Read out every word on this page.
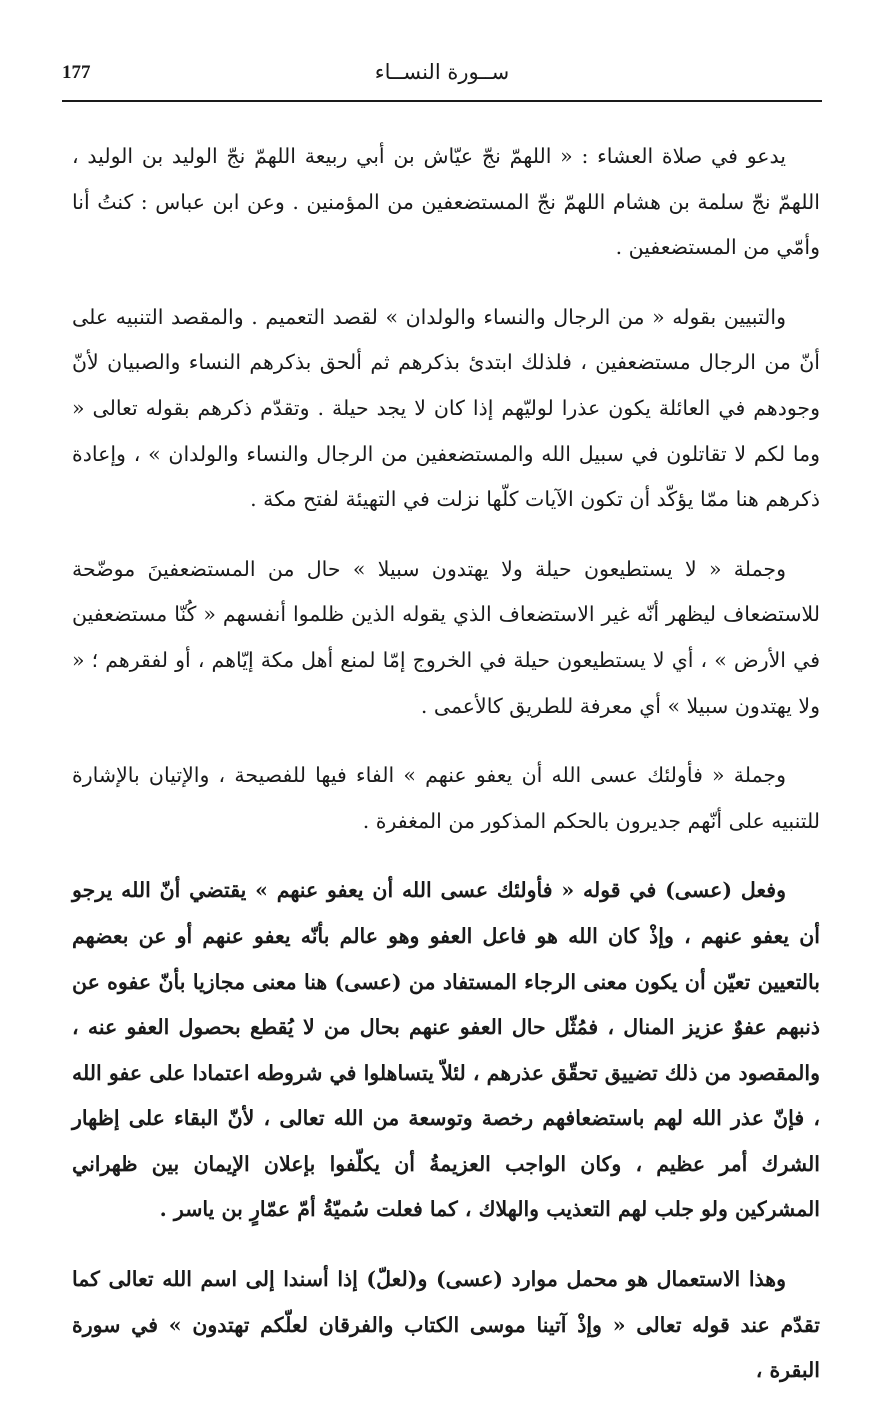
177	ســورة النســاء

يدعو في صلاة العشاء : « اللهمّ نجّ عيّاش بن أبي ربيعة اللهمّ نجّ الوليد بن الوليد ، اللهمّ نجّ سلمة بن هشام اللهمّ نجّ المستضعفين من المؤمنين . وعن ابن عباس : كنتُ أنا وأمّي من المستضعفين .

والتبيين بقوله « من الرجال والنساء والولدان » لقصد التعميم . والمقصد التنبيه على أنّ من الرجال مستضعفين ، فلذلك ابتدئ بذكرهم ثم ألحق بذكرهم النساء والصبيان لأنّ وجودهم في العائلة يكون عذرا لوليّهم إذا كان لا يجد حيلة . وتقدّم ذكرهم بقوله تعالى « وما لكم لا تقاتلون في سبيل الله والمستضعفين من الرجال والنساء والولدان » ، وإعادة ذكرهم هنا ممّا يؤكّد أن تكون الآيات كلّها نزلت في التهيئة لفتح مكة .

وجملة « لا يستطيعون حيلة ولا يهتدون سبيلا » حال من المستضعفينَ موضّحة للاستضعاف ليظهر أنّه غير الاستضعاف الذي يقوله الذين ظلموا أنفسهم « كُنّا مستضعفين في الأرض » ، أي لا يستطيعون حيلة في الخروج إمّا لمنع أهل مكة إيّاهم ، أو لفقرهم ؛ « ولا يهتدون سبيلا » أي معرفة للطريق كالأعمى .

وجملة « فأولئك عسى الله أن يعفو عنهم » الفاء فيها للفصيحة ، والإتيان بالإشارة للتنبيه على أنّهم جديرون بالحكم المذكور من المغفرة .

وفعل (عسى) في قوله « فأولئك عسى الله أن يعفو عنهم » يقتضي أنّ الله يرجو أن يعفو عنهم ، وإذْ كان الله هو فاعل العفو وهو عالم بأنّه يعفو عنهم أو عن بعضهم بالتعيين تعيّن أن يكون معنى الرجاء المستفاد من (عسى) هنا معنى مجازيا بأنّ عفوه عن ذنبهم عفوٌ عزيز المنال ، فمُثّل حال العفو عنهم بحال من لا يُقطع بحصول العفو عنه ، والمقصود من ذلك تضييق تحقّق عذرهم ، لئلاّ يتساهلوا في شروطه اعتمادا على عفو الله ، فإنّ عذر الله لهم باستضعافهم رخصة وتوسعة من الله تعالى ، لأنّ البقاء على إظهار الشرك أمر عظيم ، وكان الواجب العزيمةُ أن يكلّفوا بإعلان الإيمان بين ظهراني المشركين ولو جلب لهم التعذيب والهلاك ، كما فعلت سُميّةُ أمّ عمّارٍ بن ياسر .

وهذا الاستعمال هو محمل موارد (عسى) و(لعلّ) إذا أسندا إلى اسم الله تعالى كما تقدّم عند قوله تعالى « وإذْ آتينا موسى الكتاب والفرقان لعلّكم تهتدون » في سورة البقرة ،
